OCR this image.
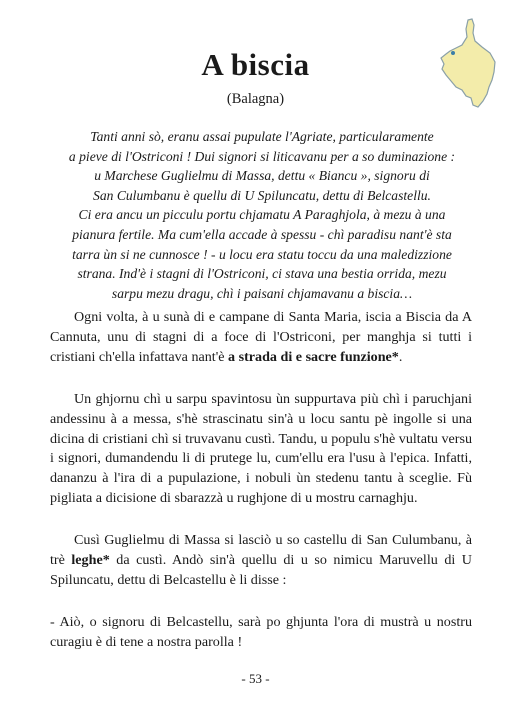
A biscia
(Balagna)
Tanti anni sò, eranu assai pupulate l'Agriate, particularamente
a pieve di l'Ostriconi ! Dui signori si liticavanu per a so duminazione :
u Marchese Guglielmu di Massa, dettu « Biancu », signoru di
San Culumbanu è quellu di U Spiluncatu, dettu di Belcastellu.
Ci era ancu un picculu portu chjamatu A Paraghjola, à mezu à una
pianura fertile. Ma cum'ella accade à spessu - chì paradisu nant'è sta
tarra ùn si ne cunnosce ! - u locu era statu toccu da una maledizzione
strana. Ind'è i stagni di l'Ostriconi, ci stava una bestia orrida, mezu
sarpu mezu dragu, chì i paisani chjamavanu a biscia…

Ogni volta, à u sunà di e campane di Santa Maria, iscia a Biscia da A Cannuta, unu di stagni di a foce di l'Ostriconi, per manghja si tutti i cristiani ch'ella infattava nant'è a strada di e sacre funzione*.

Un ghjornu chì u sarpu spavintosu ùn suppurtava più chì i paruchjani andessinu à a messa, s'hè strascinatu sin'à u locu santu pè ingolle si una dicina di cristiani chì si truvavanu custì. Tandu, u populu s'hè vultatu versu i signori, dumandendu li di prutege lu, cum'ellu era l'usu à l'epica. Infatti, dananzu à l'ira di a pupulazione, i nobuli ùn stedenu tantu à sceglie. Fù pigliata a dicisione di sbarazzà u rughjone di u mostru carnaghju.

Cusì Guglielmu di Massa si lasciò u so castellu di San Culumbanu, à trè leghe* da custì. Andò sin'à quellu di u so nimicu Maruvellu di U Spiluncatu, dettu di Belcastellu è li disse :

- Aiò, o signoru di Belcastellu, sarà po ghjunta l'ora di mustrà u nostru curagiu è di tene a nostra parolla !

- 53 -
